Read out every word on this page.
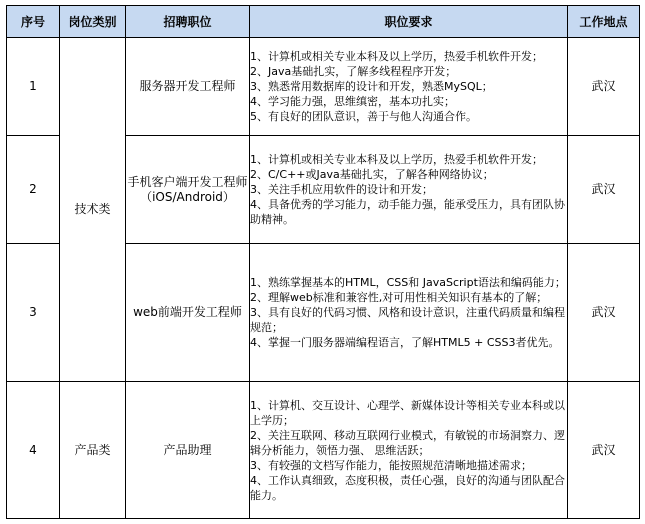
序号	岗位类别	招聘职位	职位要求	工作地点
1	技术类	服务器开发工程师	1、计算机或相关专业本科及以上学历，热爱手机软件开发；
2、Java基础扎实，了解多线程程序开发；
3、熟悉常用数据库的设计和开发，熟悉MySQL；
4、学习能力强，思维缜密，基本功扎实；
5、有良好的团队意识，善于与他人沟通合作。	武汉
2		手机客户端开发工程师（iOS/Android）	1、计算机或相关专业本科及以上学历，热爱手机软件开发；
2、C/C++或Java基础扎实，了解各种网络协议；
3、关注手机应用软件的设计和开发；
4、具备优秀的学习能力，动手能力强，能承受压力，具有团队协助精神。	武汉
3		web前端开发工程师	1、熟练掌握基本的HTML，CSS和 JavaScript语法和编码能力；
2、理解web标准和兼容性,对可用性相关知识有基本的了解；
3、具有良好的代码习惯、风格和设计意识，注重代码质量和编程规范；
4、掌握一门服务器端编程语言，了解HTML5 + CSS3者优先。	武汉
4	产品类	产品助理	1、计算机、交互设计、心理学、新媒体设计等相关专业本科或以上学历；
2、关注互联网、移动互联网行业模式，有敏锐的市场洞察力、逻辑分析能力，领悟力强、 思维活跃；
3、有较强的文档写作能力，能按照规范清晰地描述需求；
4、工作认真细致，态度积极，责任心强，良好的沟通与团队配合能力。	武汉
